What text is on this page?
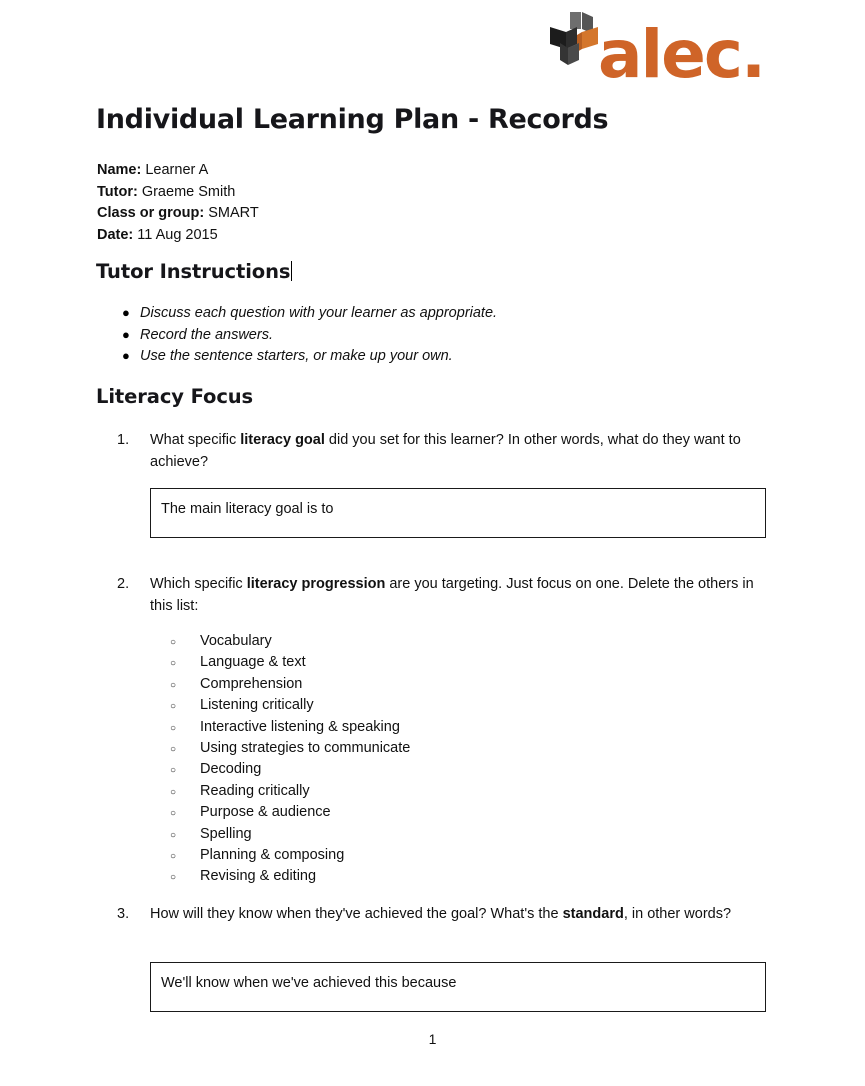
alec.
Individual Learning Plan - Records
Name: Learner A
Tutor: Graeme Smith
Class or group: SMART
Date: 11 Aug 2015
Tutor Instructions
● Discuss each question with your learner as appropriate.
● Record the answers.
● Use the sentence starters, or make up your own.
Literacy Focus
1.	What specific literacy goal did you set for this learner? In other words, what do they want to achieve?
The main literacy goal is to
2.	Which specific literacy progression are you targeting. Just focus on one. Delete the others in this list:
○	Vocabulary
○	Language & text
○	Comprehension
○	Listening critically
○	Interactive listening & speaking
○	Using strategies to communicate
○	Decoding
○	Reading critically
○	Purpose & audience
○	Spelling
○	Planning & composing
○	Revising & editing
3.	How will they know when they've achieved the goal? What's the standard, in other words?
We'll know when we've achieved this because
1
